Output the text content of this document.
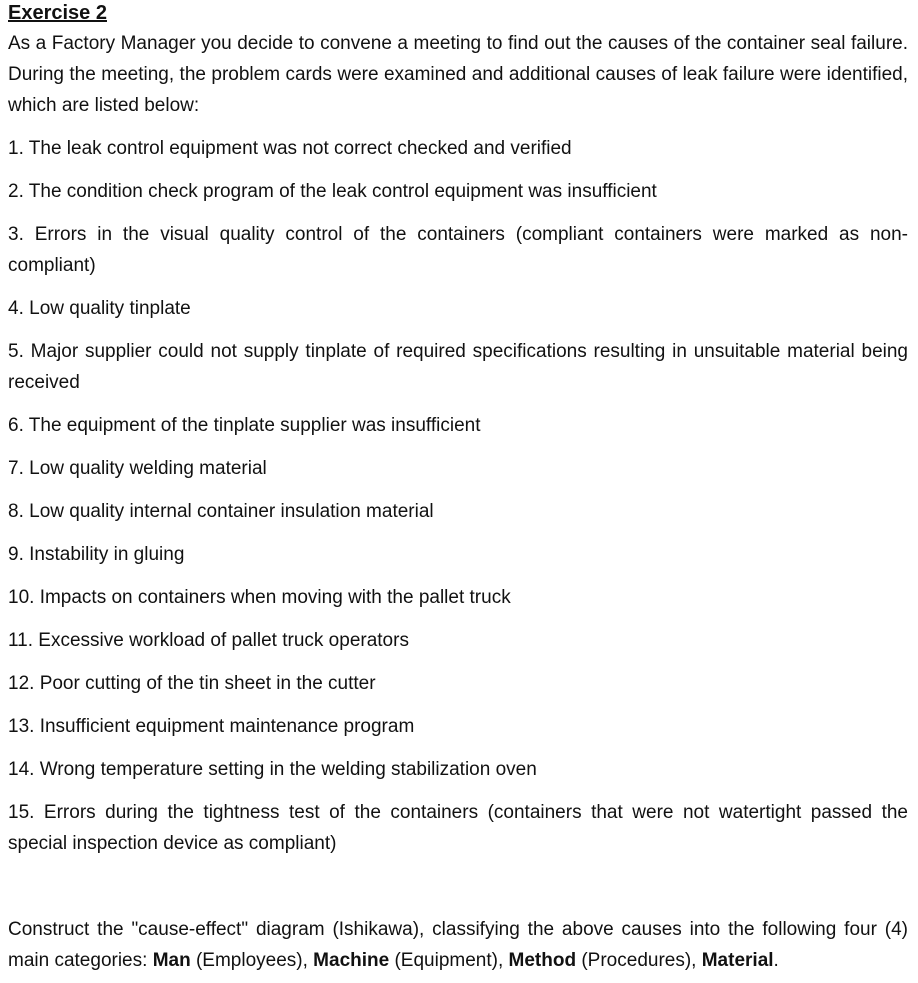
Exercise 2

As a Factory Manager you decide to convene a meeting to find out the causes of the container seal failure. During the meeting, the problem cards were examined and additional causes of leak failure were identified, which are listed below:

1. The leak control equipment was not correct checked and verified
2. The condition check program of the leak control equipment was insufficient
3. Errors in the visual quality control of the containers (compliant containers were marked as non-compliant)
4. Low quality tinplate
5. Major supplier could not supply tinplate of required specifications resulting in unsuitable material being received
6. The equipment of the tinplate supplier was insufficient
7. Low quality welding material
8. Low quality internal container insulation material
9. Instability in gluing
10. Impacts on containers when moving with the pallet truck
11. Excessive workload of pallet truck operators
12. Poor cutting of the tin sheet in the cutter
13. Insufficient equipment maintenance program
14. Wrong temperature setting in the welding stabilization oven
15. Errors during the tightness test of the containers (containers that were not watertight passed the special inspection device as compliant)

Construct the "cause-effect" diagram (Ishikawa), classifying the above causes into the following four (4) main categories: Man (Employees), Machine (Equipment), Method (Procedures), Material.
